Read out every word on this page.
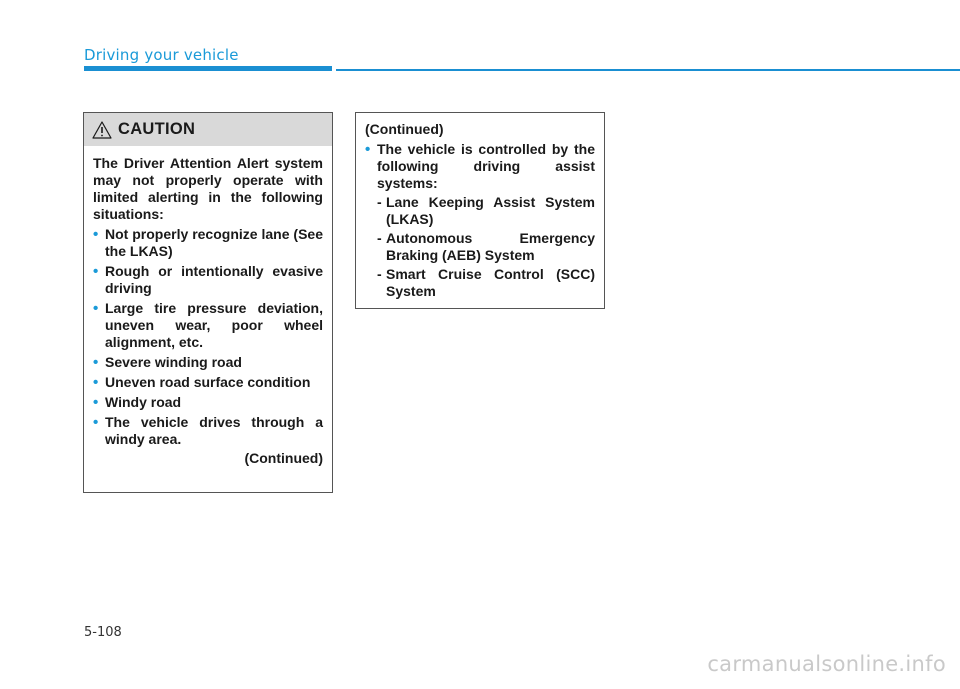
Driving your vehicle
CAUTION
The Driver Attention Alert system may not properly operate with limited alerting in the following situations:
• Not properly recognize lane (See the LKAS)
• Rough or intentionally evasive driving
• Large tire pressure deviation, uneven wear, poor wheel alignment, etc.
• Severe winding road
• Uneven road surface condition
• Windy road
• The vehicle drives through a windy area.
(Continued)
(Continued)
• The vehicle is controlled by the following driving assist systems:
- Lane Keeping Assist System (LKAS)
- Autonomous Emergency Braking (AEB) System
- Smart Cruise Control (SCC) System
5-108
carmanualsonline.info
